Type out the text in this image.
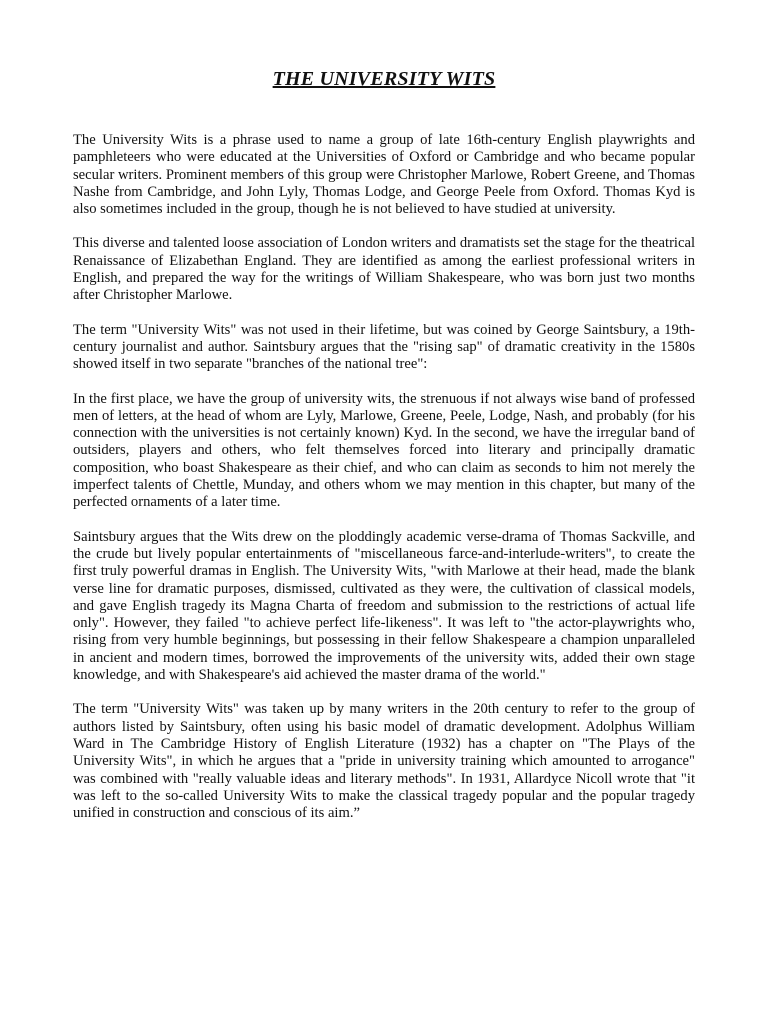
THE UNIVERSITY WITS

The University Wits is a phrase used to name a group of late 16th-century English playwrights and pamphleteers who were educated at the Universities of Oxford or Cambridge and who became popular secular writers. Prominent members of this group were Christopher Marlowe, Robert Greene, and Thomas Nashe from Cambridge, and John Lyly, Thomas Lodge, and George Peele from Oxford. Thomas Kyd is also sometimes included in the group, though he is not believed to have studied at university.

This diverse and talented loose association of London writers and dramatists set the stage for the theatrical Renaissance of Elizabethan England. They are identified as among the earliest professional writers in English, and prepared the way for the writings of William Shakespeare, who was born just two months after Christopher Marlowe.

The term "University Wits" was not used in their lifetime, but was coined by George Saintsbury, a 19th-century journalist and author. Saintsbury argues that the "rising sap" of dramatic creativity in the 1580s showed itself in two separate "branches of the national tree":

In the first place, we have the group of university wits, the strenuous if not always wise band of professed men of letters, at the head of whom are Lyly, Marlowe, Greene, Peele, Lodge, Nash, and probably (for his connection with the universities is not certainly known) Kyd. In the second, we have the irregular band of outsiders, players and others, who felt themselves forced into literary and principally dramatic composition, who boast Shakespeare as their chief, and who can claim as seconds to him not merely the imperfect talents of Chettle, Munday, and others whom we may mention in this chapter, but many of the perfected ornaments of a later time.

Saintsbury argues that the Wits drew on the ploddingly academic verse-drama of Thomas Sackville, and the crude but lively popular entertainments of "miscellaneous farce-and-interlude-writers", to create the first truly powerful dramas in English. The University Wits, "with Marlowe at their head, made the blank verse line for dramatic purposes, dismissed, cultivated as they were, the cultivation of classical models, and gave English tragedy its Magna Charta of freedom and submission to the restrictions of actual life only". However, they failed "to achieve perfect life-likeness". It was left to "the actor-playwrights who, rising from very humble beginnings, but possessing in their fellow Shakespeare a champion unparalleled in ancient and modern times, borrowed the improvements of the university wits, added their own stage knowledge, and with Shakespeare's aid achieved the master drama of the world."

The term "University Wits" was taken up by many writers in the 20th century to refer to the group of authors listed by Saintsbury, often using his basic model of dramatic development. Adolphus William Ward in The Cambridge History of English Literature (1932) has a chapter on "The Plays of the University Wits", in which he argues that a "pride in university training which amounted to arrogance" was combined with "really valuable ideas and literary methods". In 1931, Allardyce Nicoll wrote that "it was left to the so-called University Wits to make the classical tragedy popular and the popular tragedy unified in construction and conscious of its aim.”
